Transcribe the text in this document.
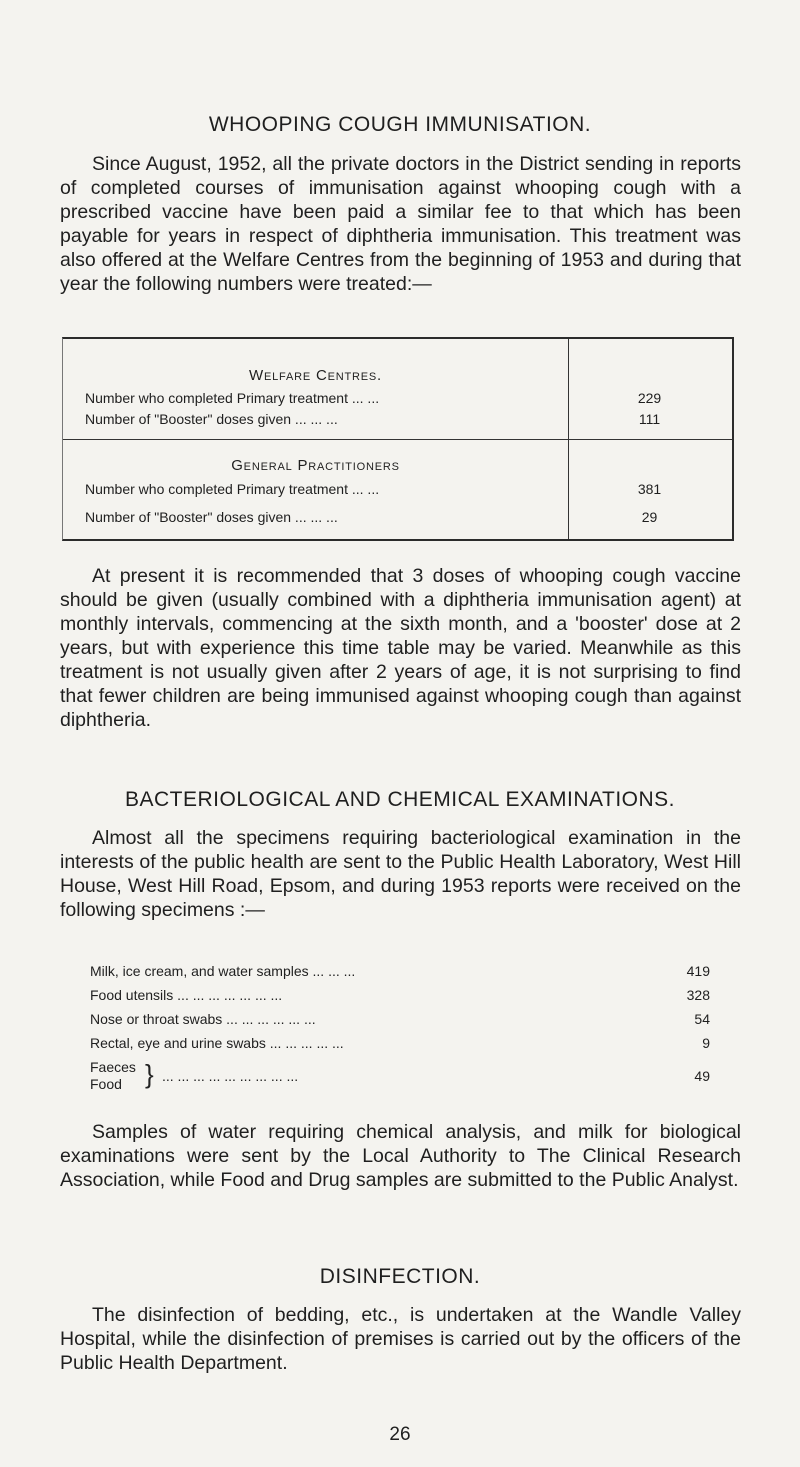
WHOOPING COUGH IMMUNISATION.

Since August, 1952, all the private doctors in the District sending in reports of completed courses of immunisation against whooping cough with a prescribed vaccine have been paid a similar fee to that which has been payable for years in respect of diphtheria immunisation. This treatment was also offered at the Welfare Centres from the beginning of 1953 and during that year the following numbers were treated:—

Welfare Centres.
Number who completed Primary treatment ... ...	229
Number of "Booster" doses given ... ... ...	111
General Practitioners
Number who completed Primary treatment ... ...	381
Number of "Booster" doses given ... ... ...	29

At present it is recommended that 3 doses of whooping cough vaccine should be given (usually combined with a diphtheria immunisation agent) at monthly intervals, commencing at the sixth month, and a 'booster' dose at 2 years, but with experience this time table may be varied. Meanwhile as this treatment is not usually given after 2 years of age, it is not surprising to find that fewer children are being immunised against whooping cough than against diphtheria.

BACTERIOLOGICAL AND CHEMICAL EXAMINATIONS.

Almost all the specimens requiring bacteriological examination in the interests of the public health are sent to the Public Health Laboratory, West Hill House, West Hill Road, Epsom, and during 1953 reports were received on the following specimens :—

Milk, ice cream, and water samples ... ... ...	419
Food utensils ... ... ... ... ... ... ...	328
Nose or throat swabs ... ... ... ... ... ...	54
Rectal, eye and urine swabs ... ... ... ... ...	9
Faeces
Food } ... ... ... ... ... ... ... ... ...	49

Samples of water requiring chemical analysis, and milk for biological examinations were sent by the Local Authority to The Clinical Research Association, while Food and Drug samples are submitted to the Public Analyst.

DISINFECTION.

The disinfection of bedding, etc., is undertaken at the Wandle Valley Hospital, while the disinfection of premises is carried out by the officers of the Public Health Department.

26
